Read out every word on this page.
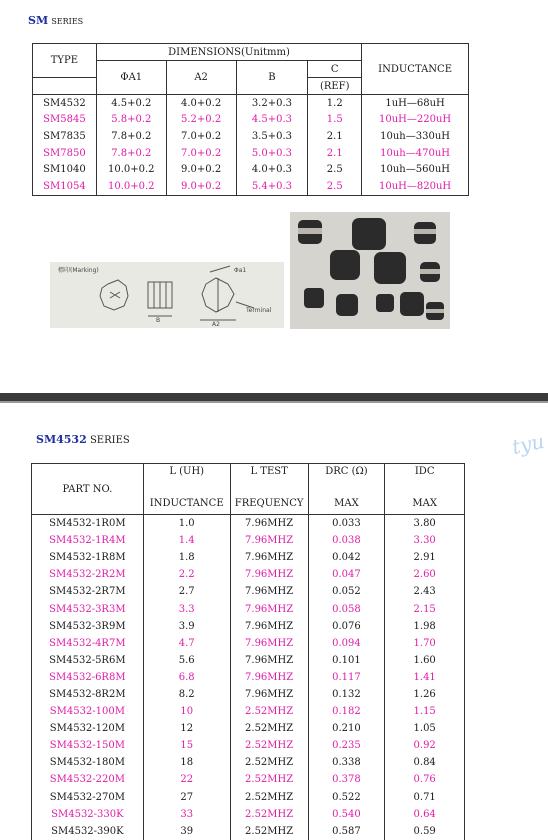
SM SERIES
TYPE	DIMENSIONS(Unitmm)				INDUCTANCE
	ΦA1	A2	B	C	
				(REF)	
SM4532	4.5+0.2	4.0+0.2	3.2+0.3	1.2	1uH—68uH
SM5845	5.8+0.2	5.2+0.2	4.5+0.3	1.5	10uH—220uH
SM7835	7.8+0.2	7.0+0.2	3.5+0.3	2.1	10uh—330uH
SM7850	7.8+0.2	7.0+0.2	5.0+0.3	2.1	10uh—470uH
SM1040	10.0+0.2	9.0+0.2	4.0+0.3	2.5	10uh—560uH
SM1054	10.0+0.2	9.0+0.2	5.4+0.3	2.5	10uH—820uH
標印(Marking)
B
A2
Φa1
Terminal
SM4532 SERIES	tyu
PART NO.	L (UH)	L TEST	DRC (Ω)	IDC
	INDUCTANCE	FREQUENCY	MAX	MAX
SM4532-1R0M	1.0	7.96MHZ	0.033	3.80
SM4532-1R4M	1.4	7.96MHZ	0.038	3.30
SM4532-1R8M	1.8	7.96MHZ	0.042	2.91
SM4532-2R2M	2.2	7.96MHZ	0.047	2.60
SM4532-2R7M	2.7	7.96MHZ	0.052	2.43
SM4532-3R3M	3.3	7.96MHZ	0.058	2.15
SM4532-3R9M	3.9	7.96MHZ	0.076	1.98
SM4532-4R7M	4.7	7.96MHZ	0.094	1.70
SM4532-5R6M	5.6	7.96MHZ	0.101	1.60
SM4532-6R8M	6.8	7.96MHZ	0.117	1.41
SM4532-8R2M	8.2	7.96MHZ	0.132	1.26
SM4532-100M	10	2.52MHZ	0.182	1.15
SM4532-120M	12	2.52MHZ	0.210	1.05
SM4532-150M	15	2.52MHZ	0.235	0.92
SM4532-180M	18	2.52MHZ	0.338	0.84
SM4532-220M	22	2.52MHZ	0.378	0.76
SM4532-270M	27	2.52MHZ	0.522	0.71
SM4532-330K	33	2.52MHZ	0.540	0.64
SM4532-390K	39	2.52MHZ	0.587	0.59
